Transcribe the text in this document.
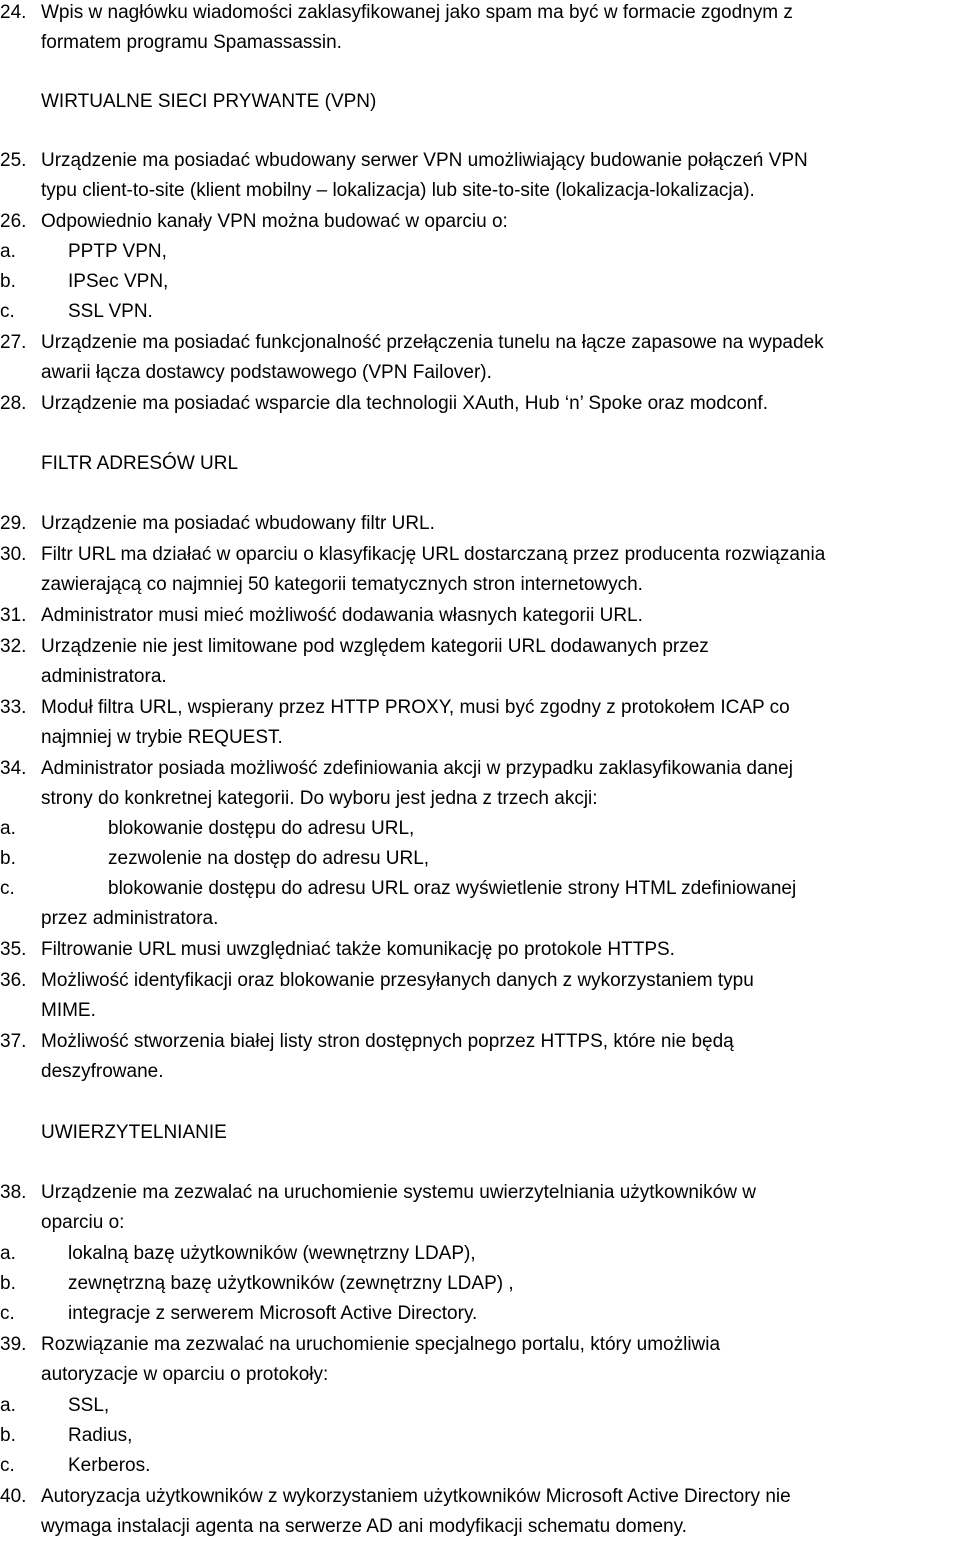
24. Wpis w nagłówku wiadomości zaklasyfikowanej jako spam ma być w formacie zgodnym z
formatem programu Spamassassin.
WIRTUALNE SIECI PRYWANTE (VPN)
25. Urządzenie ma posiadać wbudowany serwer VPN umożliwiający budowanie połączeń VPN
typu client-to-site (klient mobilny – lokalizacja) lub site-to-site (lokalizacja-lokalizacja).
26. Odpowiednio kanały VPN można budować w oparciu o:
a.	PPTP VPN,
b.	IPSec VPN,
c.	SSL VPN.
27. Urządzenie ma posiadać funkcjonalność przełączenia tunelu na łącze zapasowe na wypadek
awarii łącza dostawcy podstawowego (VPN Failover).
28. Urządzenie ma posiadać wsparcie dla technologii XAuth, Hub ‘n’ Spoke oraz modconf.
FILTR ADRESÓW URL
29. Urządzenie ma posiadać wbudowany filtr URL.
30. Filtr URL ma działać w oparciu o klasyfikację URL dostarczaną przez producenta rozwiązania
zawierającą co najmniej 50 kategorii tematycznych stron internetowych.
31. Administrator musi mieć możliwość dodawania własnych kategorii URL.
32. Urządzenie nie jest limitowane pod względem kategorii URL dodawanych przez
administratora.
33. Moduł filtra URL, wspierany przez HTTP PROXY, musi być zgodny z protokołem ICAP co
najmniej w trybie REQUEST.
34. Administrator posiada możliwość zdefiniowania akcji w przypadku zaklasyfikowania danej
strony do konkretnej kategorii. Do wyboru jest jedna z trzech akcji:
a.	blokowanie dostępu do adresu URL,
b.	zezwolenie na dostęp do adresu URL,
c.	blokowanie dostępu do adresu URL oraz wyświetlenie strony HTML zdefiniowanej
przez administratora.
35. Filtrowanie URL musi uwzględniać także komunikację po protokole HTTPS.
36. Możliwość identyfikacji oraz blokowanie przesyłanych danych z wykorzystaniem typu
MIME.
37. Możliwość stworzenia białej listy stron dostępnych poprzez HTTPS, które nie będą
deszyfrowane.
UWIERZYTELNIANIE
38. Urządzenie ma zezwalać na uruchomienie systemu uwierzytelniania użytkowników w
oparciu o:
a.	lokalną bazę użytkowników (wewnętrzny LDAP),
b.	zewnętrzną bazę użytkowników (zewnętrzny LDAP) ,
c.	integracje z serwerem Microsoft Active Directory.
39. Rozwiązanie ma zezwalać na uruchomienie specjalnego portalu, który umożliwia
autoryzacje w oparciu o protokoły:
a.	SSL,
b.	Radius,
c.	Kerberos.
40. Autoryzacja użytkowników z wykorzystaniem użytkowników Microsoft Active Directory nie
wymaga instalacji agenta na serwerze AD ani modyfikacji schematu domeny.
